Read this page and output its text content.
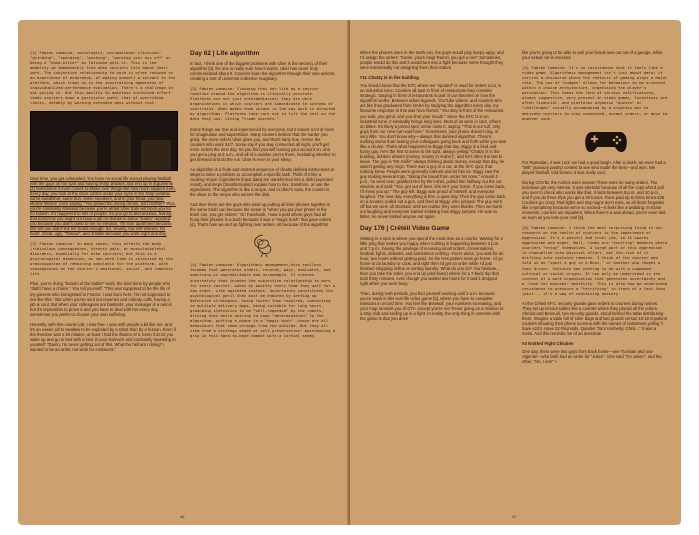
[1] Fabien Lemoine, sociologist, occupational clinician: "grinding", "spending", "pushing", "working your ass off" or being a "hand-hitter" as Tatsiana puts it. This is the modality we immediately find when couriers talk about their work. The subjective relationship to work is often reduced to an experience of endurance, of making oneself a servant to the platform, which traps us in the constraining apparatus of individualized performance evaluation. There's a challenge in not giving in. But this ability to maintain sustained effort leads couriers down a particular path: that of overriding limits, notably by working extended days without rest.

Over time, you get exhausted. You have no social life except playing football with the guys on the spot and having shitty debates. But end up in arguments [2] Sometimes it even comes to blows over things like how much rappers earn. Every day, you look at the clock circles under your eyes in the shop window, same sweatshirt, same bun, same sneakers, and in your head, you hear Mounir Moons' voice saying: "You picked the wrong dream, ain't brother!" Plus, you're constantly stressed because you're afraid Uber Eats will block you for no reason. It's happened to lots of people. So you go to bed anxious, fearing that tomorrow you might not have a job no-thanks to some "Karen" reported you because you didn't climb to her no elevator. 7th floor apartment because she felt you didn't lick her boots enough. So, anxiety, low self-esteem. No heart. Great, ugly. "Relaxa", and irritable because you work night and day.

[2] Fabien Lemoine: In many cases, this affects the body (ridiculous consequences, chronic pain, or musculoskeletal disorders, especially for bike couriers) but also in a psychological dimension, as non-work time is colonized by the preoccupation of remaining available for the platform, with consequences on the courier's emotional, social, and romantic life.

Plus, you're doing "bottom of the ladder" work, the kind done by people who "didn't have a choice." You tell yourself: "This was supposed to be the life of my parents who immigrated to France. I was born here; I'm not supposed to live like this." But when you've sent out resumes and nobody calls, having a job is cool. But when your colleagues are bastards, your manager is a rascal but it's impossible to prove it and you have to deal with her every day, sometimes you prefer to choose your own suffering.

Honestly, with this courier job, I was free. I was with people a bit like me, and it's an easier pill to swallow to be exploited by a robot than by a human. Even if the freedom was a bit relative, at least I had the illusion of it. Even if at 23 you wake up and go to bed with a knot in your stomach and constantly repeating to yourself: "Damn, I'm never getting out of this. What the hell am I doing? I wanted to be an artist, not work for enslavers."

Day 62 | Life algorithm

In fact, I think one of the biggest problems with Uber is the secrecy of their algorithm [3]. No one is really sure how it works. Uber has never truly communicated about it. Couriers learn the algorithm through their own actions, creating a sort of universal collective imaginary.

[3] Fabien Lemoine: Claiming that her life as a courier revolves around the algorithm is clinically accurate. Platforms are not just intermediaries; they are work organizations in which couriers are subordinate to systems of constraint. What makes them unique is the way work is directed by algorithms. Platforms take care not to lift the veil on the data they use, citing "trade secrets."

Some things are true and experienced by everyone, but it leaves a lot of room for imagination and superstition. Many couriers believe that the harder you grind, the more orders Uber gives you, and that's fairly true. Hence the couriers who work 24/7. Some say if you stay connected all night, you'll get more orders the next day. So you find yourself leaving your account on, and you get a ping at 3 a.m., and all of a sudden you're there, hesitating whether to get dressed and do the run. Uber is even in your sleep.

An algorithm is a finite and ordered sequence of clearly defined instructions or steps to solve a problem or accomplish a specific task. Think of it like a cooking recipe: ingredients (input data) are transformed into a dish (expected result), and steps (transformation) explain how to mix, transform, or use the ingredients. The algorithm is like a recipe, and in Uber's case, the courier is the slave to the recipe who serves the dish.

And then there are the guys who wind up putting all their phones together in the same trash can because the rumor is "when you put your phone in the trash can, you get orders." On Facebook, I saw a post where guys had all hung their phones in a bush because it was a "magic bush" that gave orders [4]. That's how we end up fighting over orders. All because of the algorithm.

[4] Fabien Lemoine: Algorithmic management—this soulless foreman that generates orders, records, pays, evaluates, and sanctions—is unpredictable and unreadable. It creates uncertainty that invades the subjective relationship to work for every courier, woken by anxiety every time they wait for a new order. Like agitated statues. Uncertainty constitutes the psychological peril that must be endured by setting up defensive strategies. Going faster than required, connecting to multiple delivery apps, being suitable for long hours, grounding statistics to be "well-regarded" by the robots, driving even while waiting to show "determination" to the algorithm, putting a phone in a "magic bush" —these are all behaviours that seem strange from the outside. But they all stem from a strategy aimed at self-preservation: maintaining a grip in this hand-to-hand combat with a virtual enemy.

46

When the phones were in the trash can, the guys would play keepy-uppy, and I'd assign the orders: "Karim, yours rang! Ramzi, you got a run!" Sometimes, people would do this and it would turn into a fight because some thought they were intentionally not assigning them their orders.

#11 Chatzy is in the building

You should know that the KFC where we "spotted" is used for orders a lot, in an industrial zone. Couriers all spot in front of restaurants they consider strategic. Staying in front of restaurants is part of our theories on how the algorithm works. Between urban legends, YouTube videos, and couriers who act like they graduated from NASA by studying the algorithm every day, my favourite response to this was from Ramzi: "You stay in front of the restaurant, you wait, you grind, and you shut your mouth." Since the KFC is in an industrial zone, it inevitably brings long lines. Most of us were in cars, others on bikes. It's likely a prized spot; some claim it, saying: "This is our turf, only guys from our crew can wait here." Sometimes, your phone doesn't ring, or very little. You don't know why—always that damned algorithm. There's nothing worse than seeing your colleagues going back and forth while you wait like a chump. That's what happened to Biggy that day. Biggy is a kind and funny guy. He's the first to arrive to the spot, always yelling "Chatzy is in the building, duhtem ahtem! (money, money in Arabic)", and he's often the last to leave. The guy is "Mr. Knife" always thinking about money, except that day, he wasn't getting any rings. There was a guy in a car, at the KFC spot, that nobody knew. People were generally tolerant and let him be. Biggy saw the guy making several trips, "taking the bread from under his nose." Around 4 p.m., he went over, grabbed him by the t-shirt, pulled him halfway out the car window, and said: "You, get out of here, this isn't your home. If you come back, I'll mess you up." The guy left. Biggy was proud of himself, and everyone laughed. The next day, everything is fine, a quiet day. Then the guy came back on a scooter, pulled out a gun, and fired at Biggy, who jumped. The guy went off but we were all shocked, until we realise they were blanks. Then we burst out laughing and everyone started imitating how Biggy jumped. He was so bitter. He never kicked anyone out again.

Day 176 | Crétéil Video Game

Waiting in a spot is where you spend the most time as a courier. Waiting for a little ping that makes you happy when nothing is happening between 3 p.m. and 7 p.m., having the privilege of receiving small orders, conversations, football, fights, debates, and sometimes nothing. You're alone, you wait for an hour, two hours without getting paid. So the less patient ones go home. I'd go home to do laundry or cook, and right then I'd get an order while I'd just finished shopping online or sorting laundry. What do you do? You hesitate... then you take the order, you end up (and know) where for a 7-buck trip that took thirty minutes, even though you waited two hours for it and it dropped right when you were busy.

Then, during rush periods, you find yourself working until 3 a.m. because you're stuck in this real-life video game [5], where you have to complete missions in record time. You feel like Beowulf, your numbers increasing, and your map reminds you of GTA, except you're not Trevor going on a mission to a strip club and ending up in a fight. In reality, the only thing in common with the game is that you drive

like you're going to be able to pull your brand-new car out of a garage, while your actual car is wrecked.

[5] Fabien Lemoine: It's no coincidence that it feels like a video game. Algorithmic management isn't just about data; it carries a discourse where the rhetoric of gaming plays a major role. The use of "nudges" allows for behaviour to be oriented within a choice architecture, organising the player's perception. This takes the form of various notifications, always suggestive, very present in video games. Incentives are often financial, and platforms organise "quests" or "challenges" visually accompanied by a progress bar to motivate couriers to stay connected, accept orders, or move to another zone.

For Ramadan, it was cool: we had a good laugh. After a clash, we even had a "brik" (savoury pastry) contest to see who made the best—and won. We played football, told stories; it was really cool.

During COVID, the rushes were insane! There were so many orders. The lockdown got very intense: It was stressful because of all the cops who'd pull you over to check who works like that. It lasts between 8 p.m. and 10 p.m., and if you do three trips you get a 20 bonus. Runs paid up to three times €25. Couriers go crazy. Red lights and stop signs don't exist, so all that's forgotten like a symphony because we're so excited—it feels like a wedding. In those moments, couriers are impatient. When there's a wait ahead, you're even told as soon as you lose your cool [6].

[6] Fabien Lemoine: I think the most surprising thing in our research on the health of couriers is the importance of aggression. It's a painful and cruel job, so it sparks aggression and anger. Well, times are "exciting" moments where couriers "enjoy" themselves. A large part of this aggression is channelled into physical effort, but the risk of it drifting into violence remains. I think of the courier who told us he "spent a guy in a Benz," or another who fought a taxi driver. Violence has nothing to do with a supposed cultural or social origin. It can only be understood in the context of a work organisation that generates uncertainty and a "race for bonuses" mentality. This is also how we understand resistance to pressure a "terrifying" in front of a fast-food joint... it's a way of containing anxiety.

At the Créteil KFC, security guards gave orders to couriers during rushes. They set up terrace tables like a counter where they placed all the orders. Ahmed and Benoudi, two security guards, stood behind the table distributing them. Imagine a table full of Uber bags and two guards versus 10-15 impatient couriers shouting their phone screens with the names of customers yelling "I have A243, Have 32 Reynoids, Quartier Tom! Kimberly! Chris..." It was a mess. And this reminds me of an anecdote.

#2 Knitted Fight Chicken

One day, there were two guys from back home—one Tunisian and one Algerian—who both had an order for "Julien". One said "I'm Julien", and the other, "No, I am!" +

47
